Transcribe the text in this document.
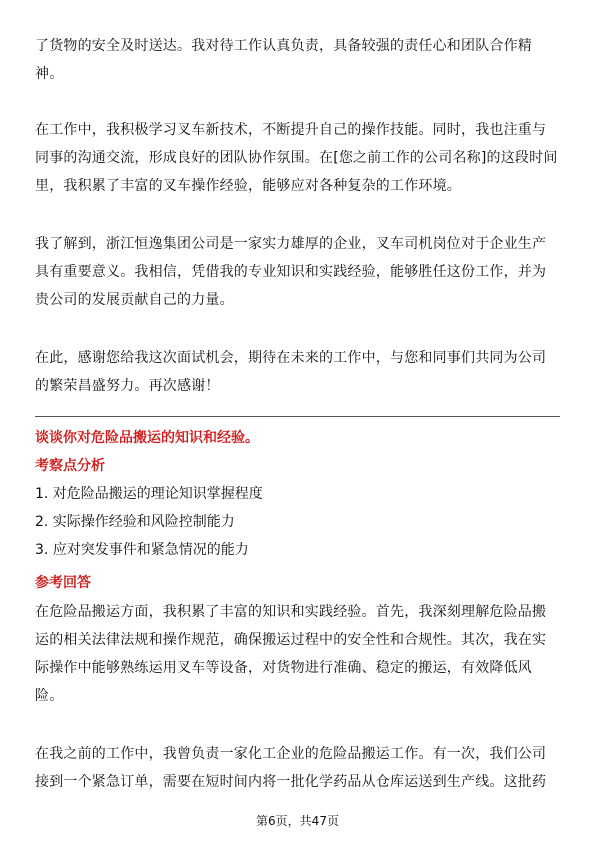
了货物的安全及时送达。我对待工作认真负责，具备较强的责任心和团队合作精神。

在工作中，我积极学习叉车新技术，不断提升自己的操作技能。同时，我也注重与同事的沟通交流，形成良好的团队协作氛围。在[您之前工作的公司名称]的这段时间里，我积累了丰富的叉车操作经验，能够应对各种复杂的工作环境。

我了解到，浙江恒逸集团公司是一家实力雄厚的企业，叉车司机岗位对于企业生产具有重要意义。我相信，凭借我的专业知识和实践经验，能够胜任这份工作，并为贵公司的发展贡献自己的力量。

在此，感谢您给我这次面试机会，期待在未来的工作中，与您和同事们共同为公司的繁荣昌盛努力。再次感谢！

谈谈你对危险品搬运的知识和经验。

考察点分析

1. 对危险品搬运的理论知识掌握程度

2. 实际操作经验和风险控制能力

3. 应对突发事件和紧急情况的能力

参考回答

在危险品搬运方面，我积累了丰富的知识和实践经验。首先，我深刻理解危险品搬运的相关法律法规和操作规范，确保搬运过程中的安全性和合规性。其次，我在实际操作中能够熟练运用叉车等设备，对货物进行准确、稳定的搬运，有效降低风险。

在我之前的工作中，我曾负责一家化工企业的危险品搬运工作。有一次，我们公司接到一个紧急订单，需要在短时间内将一批化学药品从仓库运送到生产线。这批药

第6页，共47页
